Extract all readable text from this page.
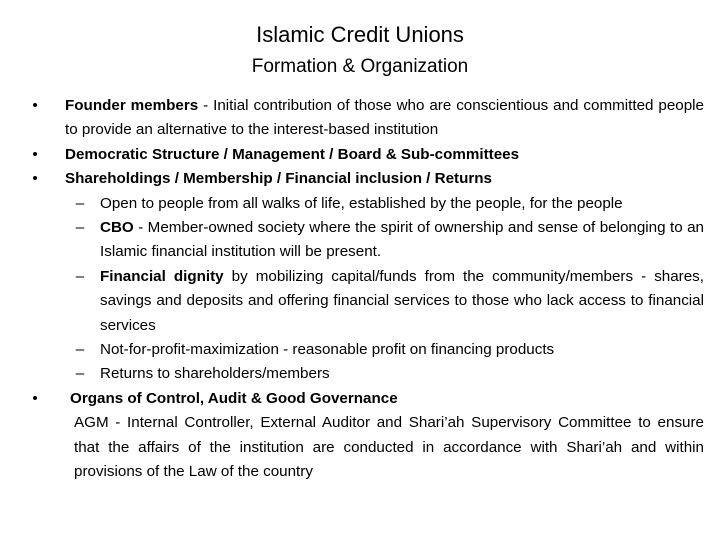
Islamic Credit Unions
Formation & Organization
• Founder members - Initial contribution of those who are conscientious and committed people to provide an alternative to the interest-based institution
• Democratic Structure / Management / Board & Sub-committees
• Shareholdings / Membership / Financial inclusion / Returns
– Open to people from all walks of life, established by the people, for the people
– CBO - Member-owned society where the spirit of ownership and sense of belonging to an Islamic financial institution will be present.
– Financial dignity by mobilizing capital/funds from the community/members - shares, savings and deposits and offering financial services to those who lack access to financial services
– Not-for-profit-maximization - reasonable profit on financing products
– Returns to shareholders/members
• Organs of Control, Audit & Good Governance

AGM - Internal Controller, External Auditor and Shari’ah Supervisory Committee to ensure that the affairs of the institution are conducted in accordance with Shari’ah and within provisions of the Law of the country
